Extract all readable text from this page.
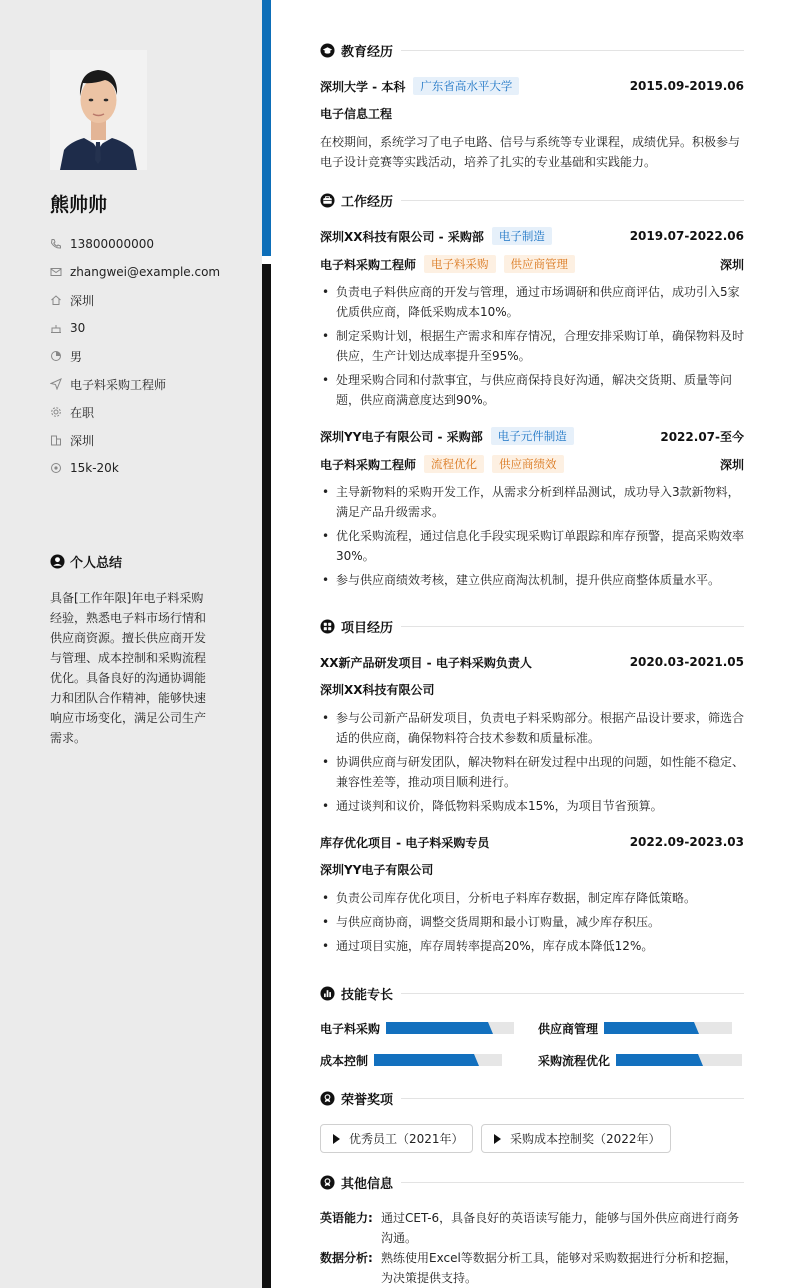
熊帅帅
13800000000
zhangwei@example.com
深圳
30
男
电子料采购工程师
在职
深圳
15k-20k
个人总结
具备[工作年限]年电子料采购经验，熟悉电子料市场行情和供应商资源。擅长供应商开发与管理、成本控制和采购流程优化。具备良好的沟通协调能力和团队合作精神，能够快速响应市场变化，满足公司生产需求。
教育经历
深圳大学 - 本科	广东省高水平大学	2015.09-2019.06
电子信息工程
在校期间，系统学习了电子电路、信号与系统等专业课程，成绩优异。积极参与电子设计竞赛等实践活动，培养了扎实的专业基础和实践能力。
工作经历
深圳XX科技有限公司 - 采购部	电子制造	2019.07-2022.06
电子料采购工程师	电子料采购	供应商管理	深圳
• 负责电子料供应商的开发与管理，通过市场调研和供应商评估，成功引入5家优质供应商，降低采购成本10%。
• 制定采购计划，根据生产需求和库存情况，合理安排采购订单，确保物料及时供应，生产计划达成率提升至95%。
• 处理采购合同和付款事宜，与供应商保持良好沟通，解决交货期、质量等问题，供应商满意度达到90%。
深圳YY电子有限公司 - 采购部	电子元件制造	2022.07-至今
电子料采购工程师	流程优化	供应商绩效	深圳
• 主导新物料的采购开发工作，从需求分析到样品测试，成功导入3款新物料，满足产品升级需求。
• 优化采购流程，通过信息化手段实现采购订单跟踪和库存预警，提高采购效率30%。
• 参与供应商绩效考核，建立供应商淘汰机制，提升供应商整体质量水平。
项目经历
XX新产品研发项目 - 电子料采购负责人	2020.03-2021.05
深圳XX科技有限公司
• 参与公司新产品研发项目，负责电子料采购部分。根据产品设计要求，筛选合适的供应商，确保物料符合技术参数和质量标准。
• 协调供应商与研发团队，解决物料在研发过程中出现的问题，如性能不稳定、兼容性差等，推动项目顺利进行。
• 通过谈判和议价，降低物料采购成本15%，为项目节省预算。
库存优化项目 - 电子料采购专员	2022.09-2023.03
深圳YY电子有限公司
• 负责公司库存优化项目，分析电子料库存数据，制定库存降低策略。
• 与供应商协商，调整交货周期和最小订购量，减少库存积压。
• 通过项目实施，库存周转率提高20%，库存成本降低12%。
技能专长
电子料采购	供应商管理
成本控制	采购流程优化
荣誉奖项
优秀员工（2021年）	采购成本控制奖（2022年）
其他信息
英语能力: 通过CET-6，具备良好的英语读写能力，能够与国外供应商进行商务沟通。
数据分析: 熟练使用Excel等数据分析工具，能够对采购数据进行分析和挖掘，为决策提供支持。
